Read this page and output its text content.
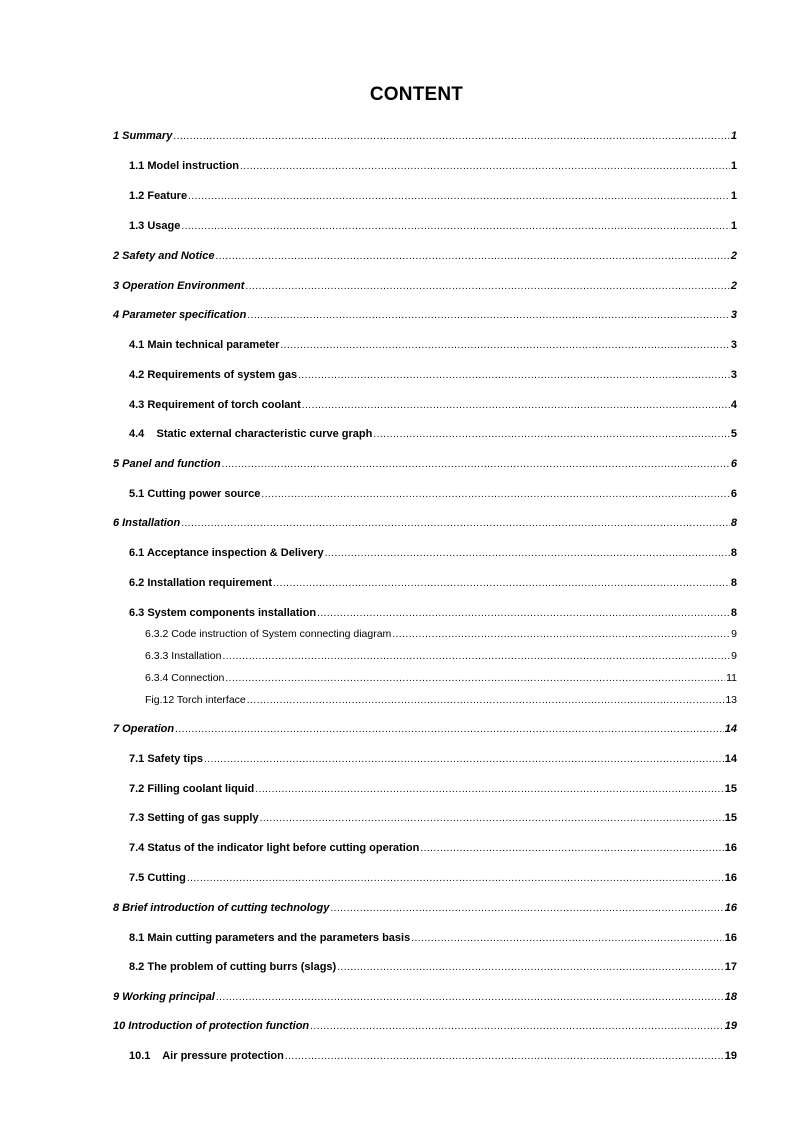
CONTENT
1 Summary .....	1
1.1 Model instruction .....	1
1.2 Feature .....	1
1.3 Usage .....	1
2 Safety and Notice .....	2
3 Operation Environment .....	2
4 Parameter specification .....	3
4.1 Main technical parameter .....	3
4.2 Requirements of system gas .....	3
4.3 Requirement of torch coolant .....	4
4.4    Static external characteristic curve graph .....	5
5 Panel and function .....	6
5.1 Cutting power source .....	6
6 Installation .....	8
6.1 Acceptance inspection & Delivery .....	8
6.2 Installation requirement .....	8
6.3 System components installation .....	8
6.3.2 Code instruction of System connecting diagram .....	9
6.3.3 Installation .....	9
6.3.4 Connection .....	11
Fig.12 Torch interface .....	13
7 Operation .....	14
7.1 Safety tips .....	14
7.2 Filling coolant liquid .....	15
7.3 Setting of gas supply .....	15
7.4 Status of the indicator light before cutting operation .....	16
7.5 Cutting .....	16
8 Brief introduction of cutting technology .....	16
8.1 Main cutting parameters and the parameters basis .....	16
8.2 The problem of cutting burrs (slags) .....	17
9 Working principal .....	18
10 Introduction of protection function .....	19
10.1    Air pressure protection .....	19
